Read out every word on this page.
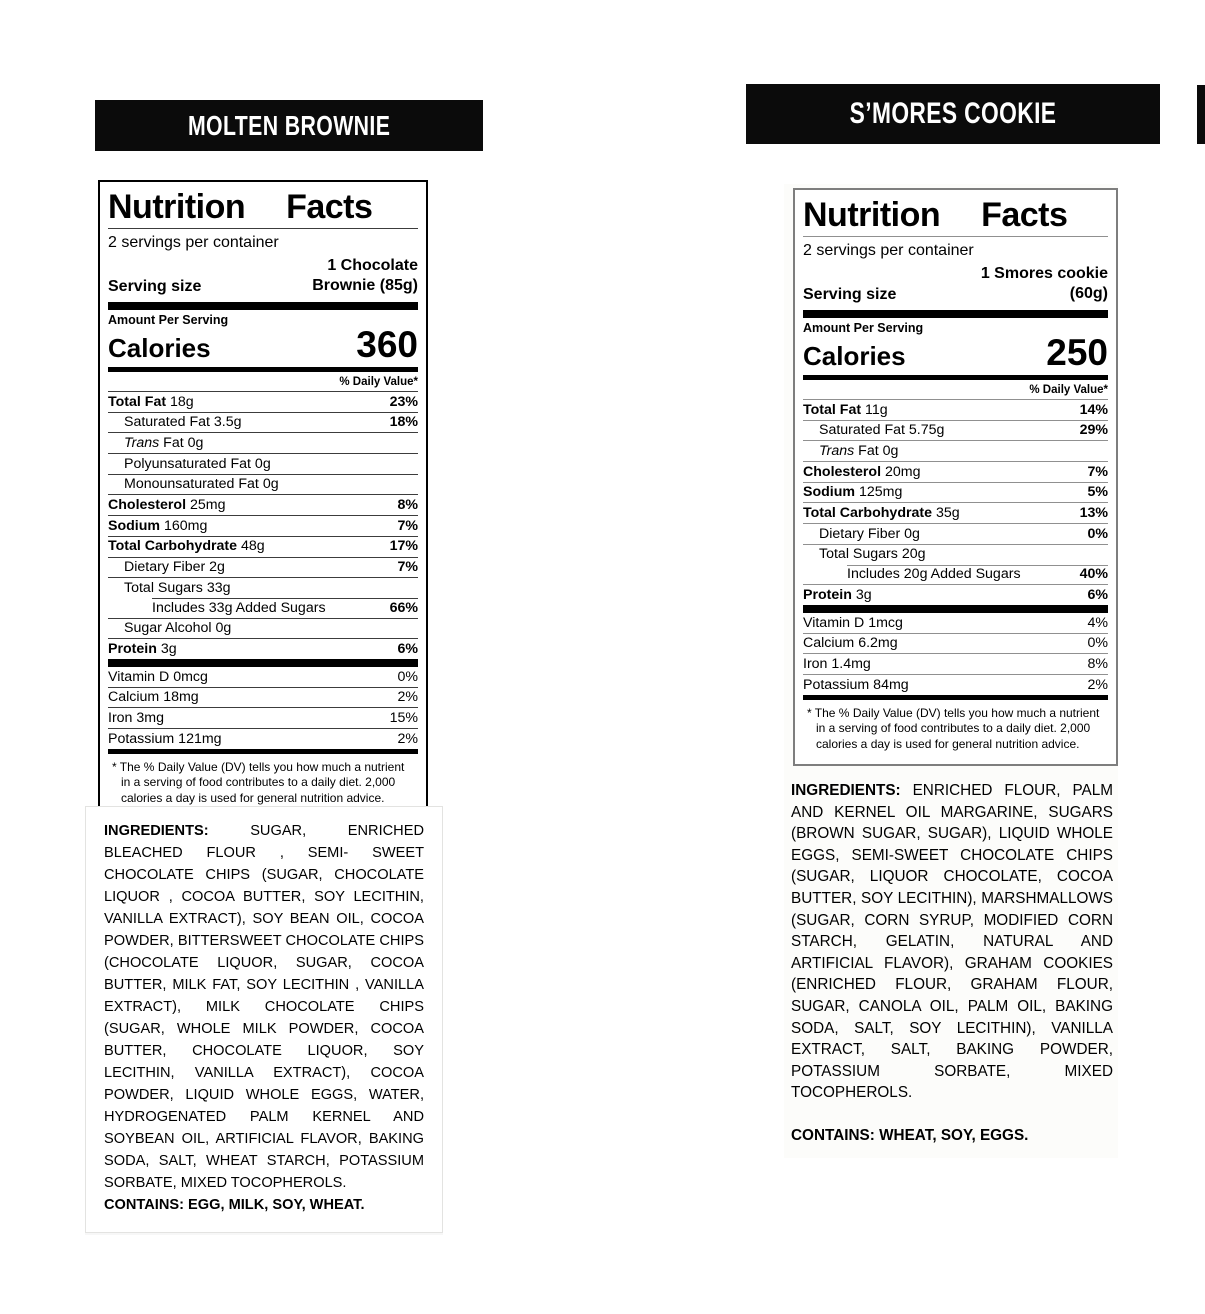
MOLTEN BROWNIE
Nutrition Facts
2 servings per container
Serving size
1 Chocolate
Brownie (85g)
Amount Per Serving
Calories	360
% Daily Value*
Total Fat 18g	23%
Saturated Fat 3.5g	18%
Trans Fat 0g
Polyunsaturated Fat 0g
Monounsaturated Fat 0g
Cholesterol 25mg	8%
Sodium 160mg	7%
Total Carbohydrate 48g	17%
Dietary Fiber 2g	7%
Total Sugars 33g
Includes 33g Added Sugars	66%
Sugar Alcohol 0g
Protein 3g	6%
Vitamin D 0mcg	0%
Calcium 18mg	2%
Iron 3mg	15%
Potassium 121mg	2%

* The % Daily Value (DV) tells you how much a nutrient in a serving of food contributes to a daily diet. 2,000 calories a day is used for general nutrition advice.

INGREDIENTS:	SUGAR, ENRICHED BLEACHED FLOUR , SEMI- SWEET CHOCOLATE CHIPS (SUGAR, CHOCOLATE LIQUOR , COCOA BUTTER, SOY LECITHIN, VANILLA EXTRACT), SOY BEAN OIL, COCOA POWDER, BITTERSWEET CHOCOLATE CHIPS (CHOCOLATE LIQUOR, SUGAR, COCOA BUTTER, MILK FAT, SOY LECITHIN , VANILLA EXTRACT), MILK CHOCOLATE CHIPS (SUGAR, WHOLE MILK POWDER, COCOA BUTTER, CHOCOLATE LIQUOR, SOY LECITHIN, VANILLA EXTRACT), COCOA POWDER, LIQUID WHOLE EGGS, WATER, HYDROGENATED PALM KERNEL AND SOYBEAN OIL, ARTIFICIAL FLAVOR, BAKING SODA, SALT, WHEAT STARCH, POTASSIUM SORBATE, MIXED TOCOPHEROLS.

CONTAINS: EGG, MILK, SOY, WHEAT.

S’MORES COOKIE
Nutrition Facts
2 servings per container
Serving size
1 Smores cookie
(60g)
Amount Per Serving
Calories	250
% Daily Value*
Total Fat 11g	14%
Saturated Fat 5.75g	29%
Trans Fat 0g
Cholesterol 20mg	7%
Sodium 125mg	5%
Total Carbohydrate 35g	13%
Dietary Fiber 0g	0%
Total Sugars 20g
Includes 20g Added Sugars	40%
Protein 3g	6%
Vitamin D 1mcg	4%
Calcium 6.2mg	0%
Iron 1.4mg	8%
Potassium 84mg	2%

* The % Daily Value (DV) tells you how much a nutrient in a serving of food contributes to a daily diet. 2,000 calories a day is used for general nutrition advice.

INGREDIENTS: ENRICHED FLOUR, PALM AND KERNEL OIL MARGARINE, SUGARS (BROWN SUGAR, SUGAR), LIQUID WHOLE EGGS, SEMI-SWEET CHOCOLATE CHIPS (SUGAR, LIQUOR CHOCOLATE, COCOA BUTTER, SOY LECITHIN), MARSHMALLOWS (SUGAR, CORN SYRUP, MODIFIED CORN STARCH, GELATIN, NATURAL AND ARTIFICIAL FLAVOR), GRAHAM COOKIES (ENRICHED FLOUR, GRAHAM FLOUR, SUGAR, CANOLA OIL, PALM OIL, BAKING SODA, SALT, SOY LECITHIN), VANILLA EXTRACT, SALT, BAKING POWDER, POTASSIUM SORBATE, MIXED TOCOPHEROLS.

CONTAINS: WHEAT, SOY, EGGS.
